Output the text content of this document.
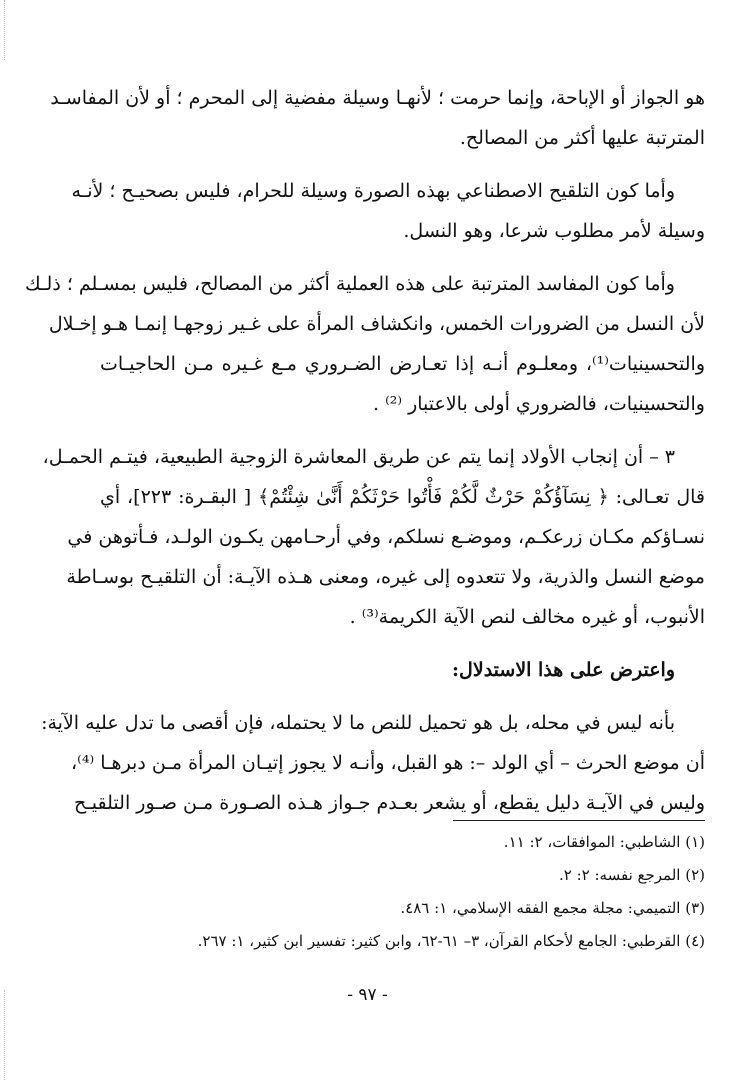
هو الجواز أو الإباحة، وإنما حرمت ؛ لأنهـا وسيلة مفضية إلى المحرم ؛ أو لأن المفاسـد
المترتبة عليها أكثر من المصالح.
وأما كون التلقيح الاصطناعي بهذه الصورة وسيلة للحرام، فليس بصحيـح ؛ لأنـه
وسيلة لأمر مطلوب شرعا، وهو النسل.
وأما كون المفاسد المترتبة على هذه العملية أكثر من المصالح، فليس بمسـلم ؛ ذلـك
لأن النسل من الضرورات الخمس، وانكشاف المرأة على غـير زوجهـا إنمـا هـو إخـلال
والتحسينيات⁽¹⁾، ومعلـوم أنـه إذا تعـارض الضـروري مـع غـيره مـن الحاجيـات
والتحسينيات، فالضروري أولى بالاعتبار ⁽²⁾ .
٣ – أن إنجاب الأولاد إنما يتم عن طريق المعاشرة الزوجية الطبيعية، فيتـم الحمـل،
قال تعـالى: ﴿ نِسَآؤُكُمْ حَرْثٌ لَّكُمْ فَأْتُوا حَرْثَكُمْ أَنَّىٰ شِئْتُمْ﴾ [ البقـرة: ٢٢٣]، أي
نسـاؤكم مكـان زرعكـم، وموضـع نسلكم، وفي أرحـامهن يكـون الولـد، فـأتوهن في
موضع النسل والذرية، ولا تتعدوه إلى غيره، ومعنى هـذه الآيـة: أن التلقيـح بوسـاطة
الأنبوب، أو غيره مخالف لنص الآية الكريمة⁽³⁾ .
واعترض على هذا الاستدلال:
بأنه ليس في محله، بل هو تحميل للنص ما لا يحتمله، فإن أقصى ما تدل عليه الآية:
أن موضع الحرث – أي الولد –: هو القبل، وأنـه لا يجوز إتيـان المرأة مـن دبرهـا ⁽⁴⁾،
وليس في الآيـة دليل يقطع، أو يشعر بعـدم جـواز هـذه الصـورة مـن صـور التلقيـح
(١) الشاطبي: الموافقات، ٢: ١١.
(٢) المرجع نفسه: ٢: ٢.
(٣) التميمي: مجلة مجمع الفقه الإسلامي، ١: ٤٨٦.
(٤) القرطبي: الجامع لأحكام القرآن، ٣– ٦١-٦٢، وابن كثير: تفسير ابن كثير، ١: ٢٦٧.
- ٩٧ -
